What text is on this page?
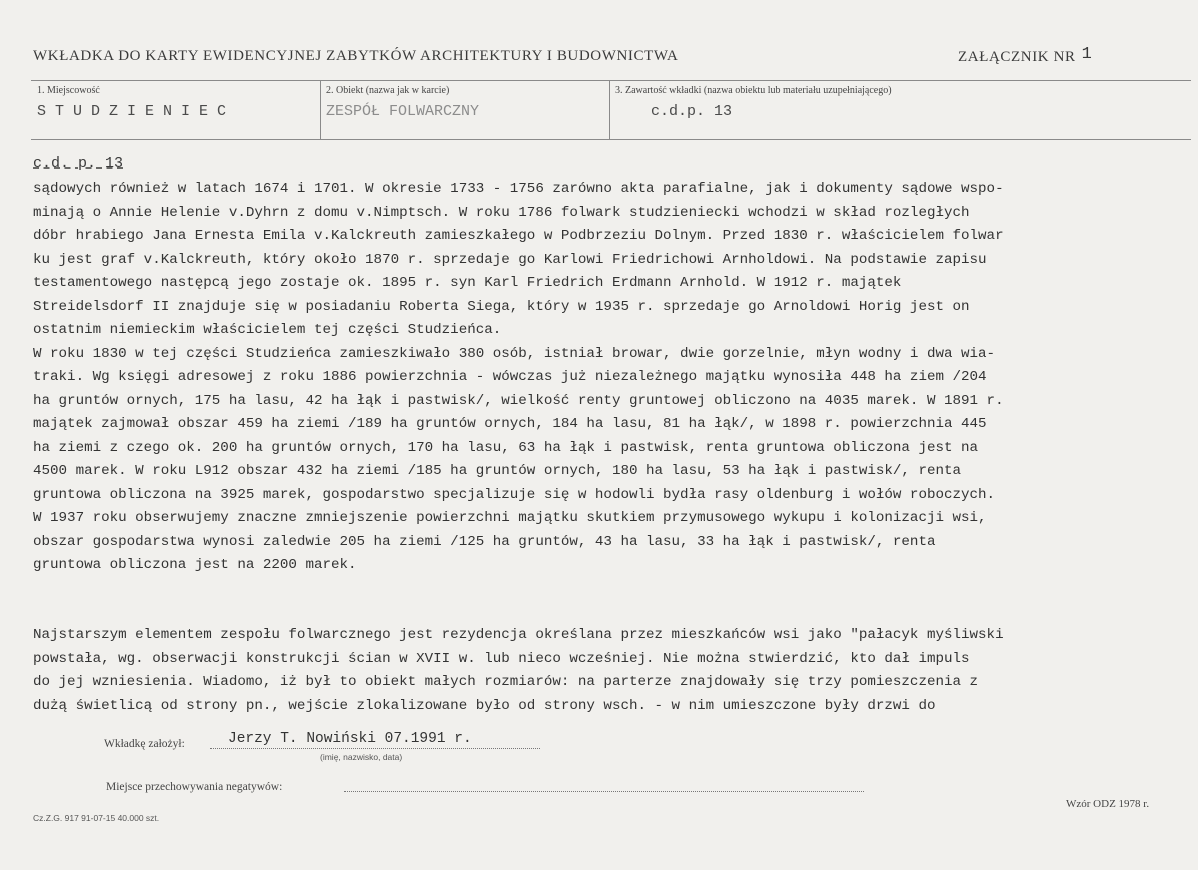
WKŁADKA DO KARTY EWIDENCYJNEJ ZABYTKÓW ARCHITEKTURY I BUDOWNICTWA	ZAŁĄCZNIK NR 1
1. Miejscowość
STUDZIENIEC
2. Obiekt (nazwa jak w karcie)
ZESPÓŁ FOLWARCZNY
3. Zawartość wkładki (nazwa obiektu lub materiału uzupełniającego)
c.d.p. 13
c.d. p. 13
sądowych również w latach 1674 i 1701. W okresie 1733 - 1756 zarówno akta parafialne, jak i dokumenty sądowe wspo-
minają o Annie Helenie v.Dyhrn z domu v.Nimptsch. W roku 1786 folwark studzieniecki wchodzi w skład rozległych
dóbr hrabiego Jana Ernesta Emila v.Kalckreuth zamieszkałego w Podbrzeziu Dolnym. Przed 1830 r. właścicielem folwar
ku jest graf v.Kalckreuth, który około 1870 r. sprzedaje go Karlowi Friedrichowi Arnholdowi. Na podstawie zapisu
testamentowego następcą jego zostaje ok. 1895 r. syn Karl Friedrich Erdmann Arnhold. W 1912 r. majątek
Streidelsdorf II znajduje się w posiadaniu Roberta Siega, który w 1935 r. sprzedaje go Arnoldowi Horig jest on
ostatnim niemieckim właścicielem tej części Studzieńca.
W roku 1830 w tej części Studzieńca zamieszkiwało 380 osób, istniał browar, dwie gorzelnie, młyn wodny i dwa wia-
traki. Wg księgi adresowej z roku 1886 powierzchnia - wówczas już niezależnego majątku wynosiła 448 ha ziem /204
ha gruntów ornych, 175 ha lasu, 42 ha łąk i pastwisk/, wielkość renty gruntowej obliczono na 4035 marek. W 1891 r.
majątek zajmował obszar 459 ha ziemi /189 ha gruntów ornych, 184 ha lasu, 81 ha łąk/, w 1898 r. powierzchnia 445
ha ziemi z czego ok. 200 ha gruntów ornych, 170 ha lasu, 63 ha łąk i pastwisk, renta gruntowa obliczona jest na
4500 marek. W roku L912 obszar 432 ha ziemi /185 ha gruntów ornych, 180 ha lasu, 53 ha łąk i pastwisk/, renta
gruntowa obliczona na 3925 marek, gospodarstwo specjalizuje się w hodowli bydła rasy oldenburg i wołów roboczych.
W 1937 roku obserwujemy znaczne zmniejszenie powierzchni majątku skutkiem przymusowego wykupu i kolonizacji wsi,
obszar gospodarstwa wynosi zaledwie 205 ha ziemi /125 ha gruntów, 43 ha lasu, 33 ha łąk i pastwisk/, renta
gruntowa obliczona jest na 2200 marek.
Najstarszym elementem zespołu folwarcznego jest rezydencja określana przez mieszkańców wsi jako "pałacyk myśliwski
powstała, wg. obserwacji konstrukcji ścian w XVII w. lub nieco wcześniej. Nie można stwierdzić, kto dał impuls
do jej wzniesienia. Wiadomo, iż był to obiekt małych rozmiarów: na parterze znajdowały się trzy pomieszczenia z
dużą świetlicą od strony pn., wejście zlokalizowane było od strony wsch. - w nim umieszczone były drzwi do
Wkładkę założył:	Jerzy T. Nowiński 07.1991 r.
(imię, nazwisko, data)
Miejsce przechowywania negatywów:
Cz.Z.G. 917 91-07-15 40.000 szt.
Wzór ODZ 1978 r.
